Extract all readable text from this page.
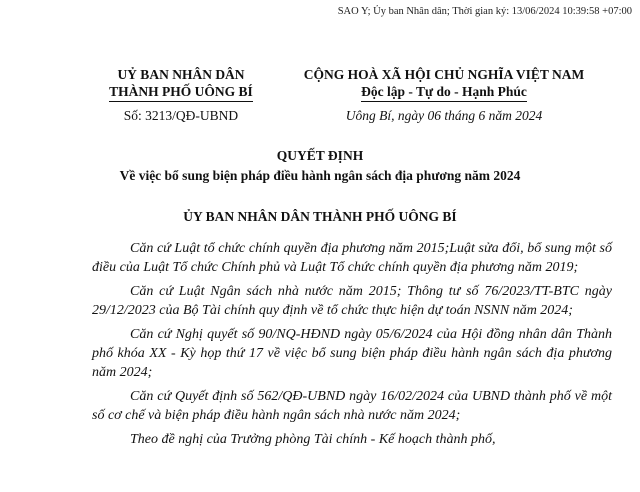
SAO Y; Ủy ban Nhân dân; Thời gian ký: 13/06/2024 10:39:58 +07:00
UỶ BAN NHÂN DÂN
THÀNH PHỐ UÔNG BÍ
Số: 3213/QĐ-UBND
CỘNG HOÀ XÃ HỘI CHỦ NGHĨA VIỆT NAM
Độc lập - Tự do - Hạnh Phúc
Uông Bí, ngày 06 tháng 6 năm 2024
QUYẾT ĐỊNH
Về việc bổ sung biện pháp điều hành ngân sách địa phương năm 2024
ỦY BAN NHÂN DÂN THÀNH PHỐ UÔNG BÍ

Căn cứ Luật tổ chức chính quyền địa phương năm 2015;Luật sửa đổi, bổ sung một số điều của Luật Tổ chức Chính phủ và Luật Tổ chức chính quyền địa phương năm 2019;

Căn cứ Luật Ngân sách nhà nước năm 2015; Thông tư số 76/2023/TT-BTC ngày 29/12/2023 của Bộ Tài chính quy định về tổ chức thực hiện dự toán NSNN năm 2024;

Căn cứ Nghị quyết số 90/NQ-HĐND ngày 05/6/2024 của Hội đồng nhân dân Thành phố khóa XX - Kỳ họp thứ 17 về việc bổ sung biện pháp điều hành ngân sách địa phương năm 2024;

Căn cứ Quyết định số 562/QĐ-UBND ngày 16/02/2024 của UBND thành phố về một số cơ chế và biện pháp điều hành ngân sách nhà nước năm 2024;

Theo đề nghị của Trưởng phòng Tài chính - Kế hoạch thành phố,
